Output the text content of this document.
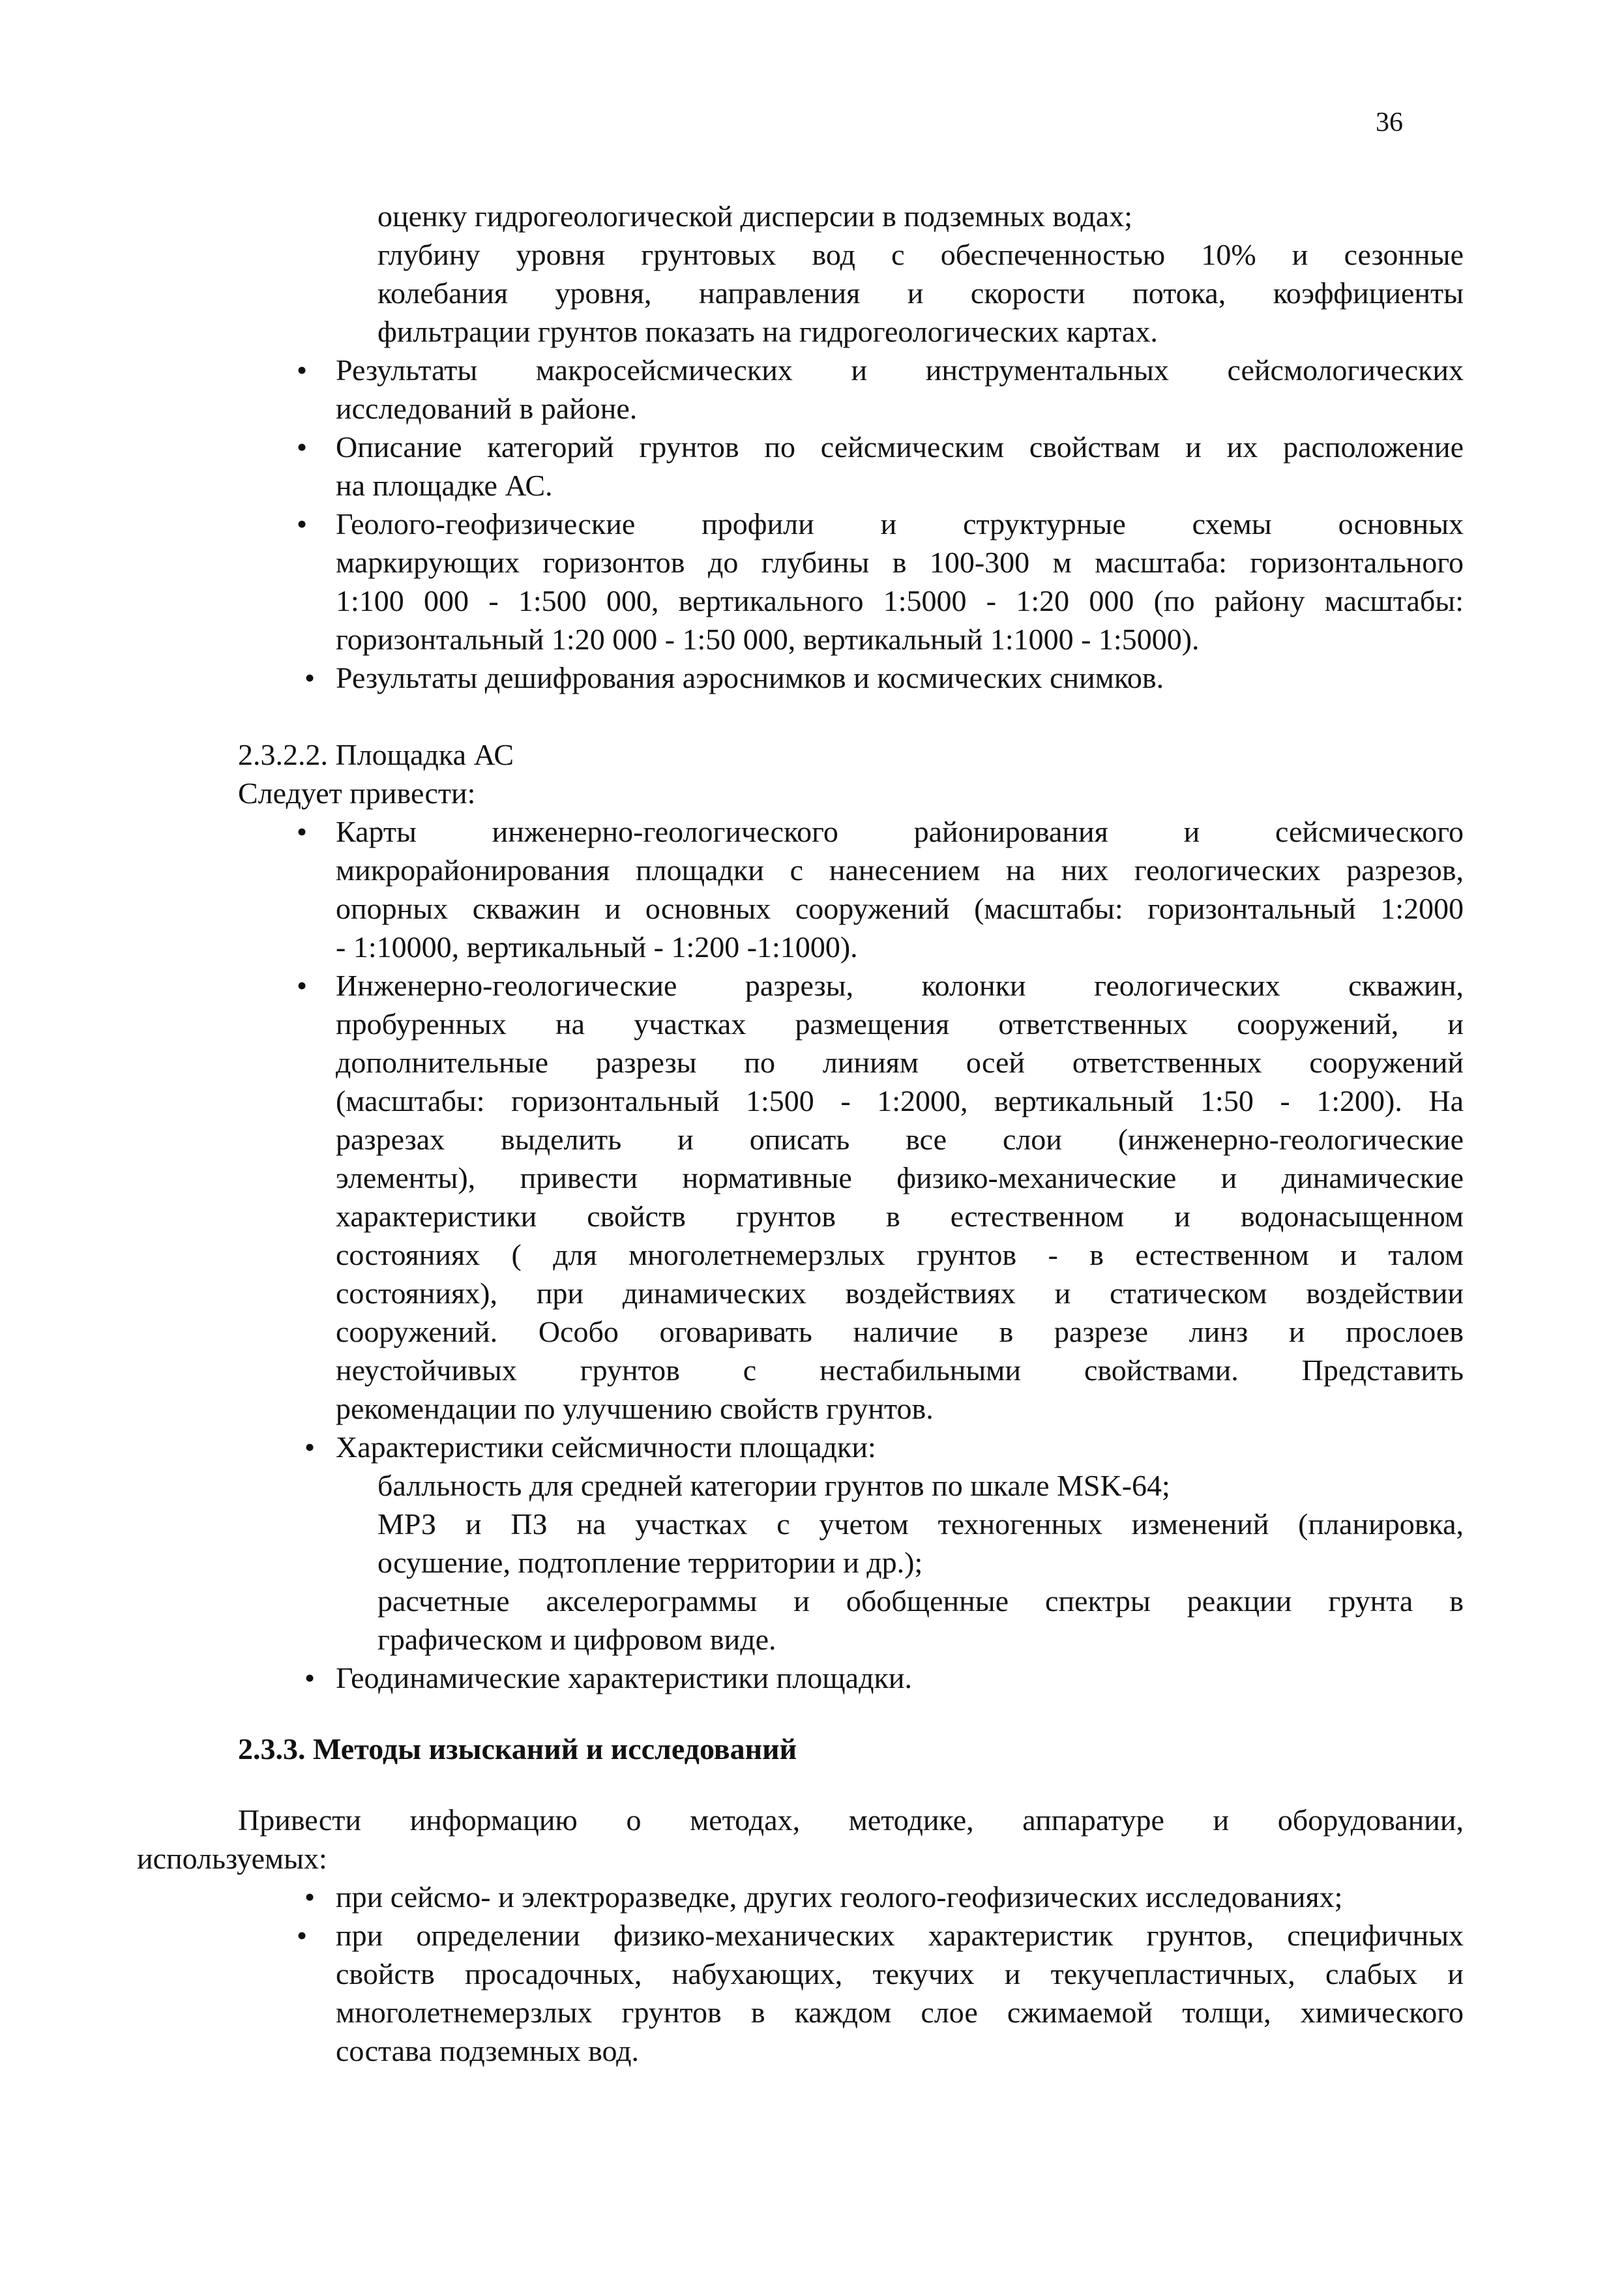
36
оценку гидрогеологической дисперсии в подземных водах;
глубину уровня грунтовых вод с обеспеченностью 10% и сезонные
колебания уровня, направления и скорости потока, коэффициенты
фильтрации грунтов показать на гидрогеологических картах.
• Результаты макросейсмических и инструментальных сейсмологических
исследований в районе.
• Описание категорий грунтов по сейсмическим свойствам и их расположение
на площадке АС.
• Геолого-геофизические профили и структурные схемы основных
маркирующих горизонтов до глубины в 100-300 м масштаба: горизонтального
1:100 000 - 1:500 000, вертикального 1:5000 - 1:20 000 (по району масштабы:
горизонтальный 1:20 000 - 1:50 000, вертикальный 1:1000 - 1:5000).
• Результаты дешифрования аэроснимков и космических снимков.
2.3.2.2. Площадка АС
Следует привести:
• Карты инженерно-геологического районирования и сейсмического
микрорайонирования площадки с нанесением на них геологических разрезов,
опорных скважин и основных сооружений (масштабы: горизонтальный 1:2000
- 1:10000, вертикальный - 1:200 -1:1000).
• Инженерно-геологические разрезы, колонки геологических скважин,
пробуренных на участках размещения ответственных сооружений, и
дополнительные разрезы по линиям осей ответственных сооружений
(масштабы: горизонтальный 1:500 - 1:2000, вертикальный 1:50 - 1:200). На
разрезах выделить и описать все слои (инженерно-геологические
элементы), привести нормативные физико-механические и динамические
характеристики свойств грунтов в естественном и водонасыщенном
состояниях ( для многолетнемерзлых грунтов - в естественном и талом
состояниях), при динамических воздействиях и статическом воздействии
сооружений. Особо оговаривать наличие в разрезе линз и прослоев
неустойчивых грунтов с нестабильными свойствами. Представить
рекомендации по улучшению свойств грунтов.
• Характеристики сейсмичности площадки:
балльность для средней категории грунтов по шкале MSK-64;
МРЗ и ПЗ на участках с учетом техногенных изменений (планировка,
осушение, подтопление территории и др.);
расчетные акселерограммы и обобщенные спектры реакции грунта в
графическом и цифровом виде.
• Геодинамические характеристики площадки.
2.3.3. Методы изысканий и исследований
Привести информацию о методах, методике, аппаратуре и оборудовании,
используемых:
• при сейсмо- и электроразведке, других геолого-геофизических исследованиях;
• при определении физико-механических характеристик грунтов, специфичных
свойств просадочных, набухающих, текучих и текучепластичных, слабых и
многолетнемерзлых грунтов в каждом слое сжимаемой толщи, химического
состава подземных вод.
